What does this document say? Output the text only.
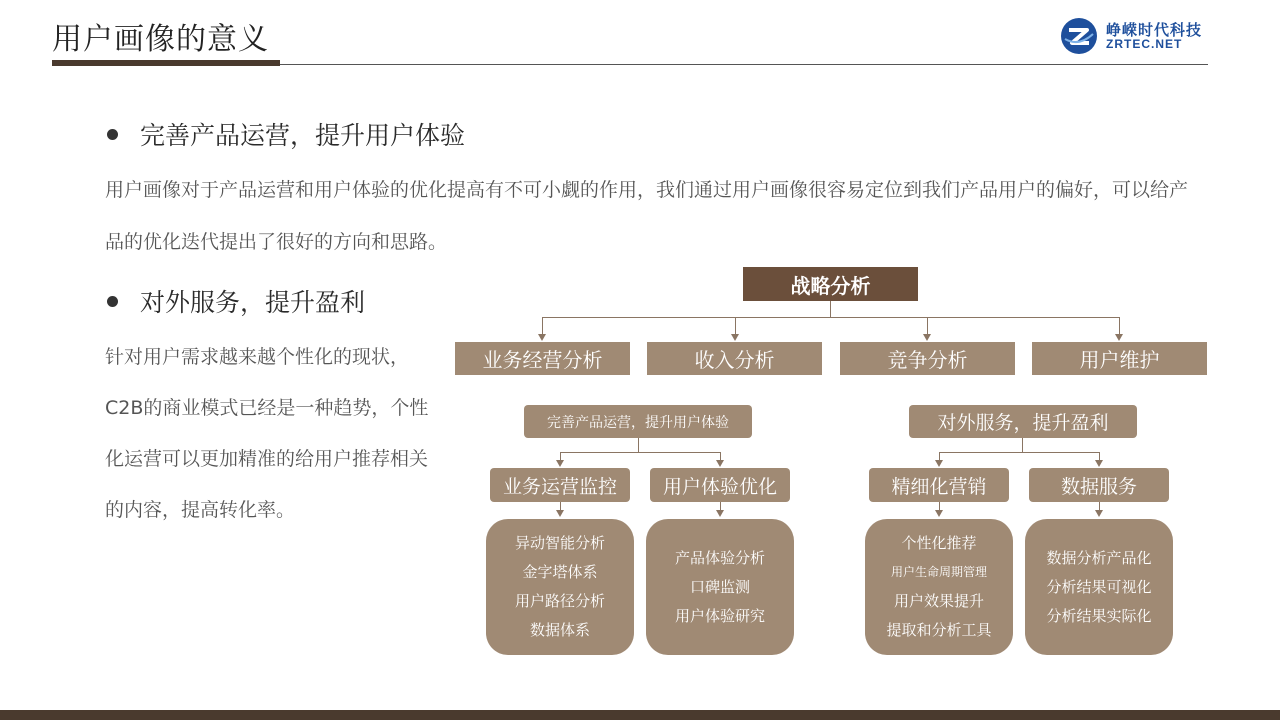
用户画像的意义	峥嵘时代科技
ZRTEC.NET
完善产品运营，提升用户体验
用户画像对于产品运营和用户体验的优化提高有不可小觑的作用，我们通过用户画像很容易定位到我们产品用户的偏好，可以给产品的优化迭代提出了很好的方向和思路。
对外服务，提升盈利
针对用户需求越来越个性化的现状，C2B的商业模式已经是一种趋势，个性化运营可以更加精准的给用户推荐相关的内容，提高转化率。
战略分析
业务经营分析	收入分析	竞争分析	用户维护
完善产品运营，提升用户体验
业务运营监控	用户体验优化
异动智能分析
金字塔体系
用户路径分析
数据体系
产品体验分析
口碑监测
用户体验研究
对外服务，提升盈利
精细化营销	数据服务
个性化推荐
用户生命周期管理
用户效果提升
提取和分析工具
数据分析产品化
分析结果可视化
分析结果实际化
